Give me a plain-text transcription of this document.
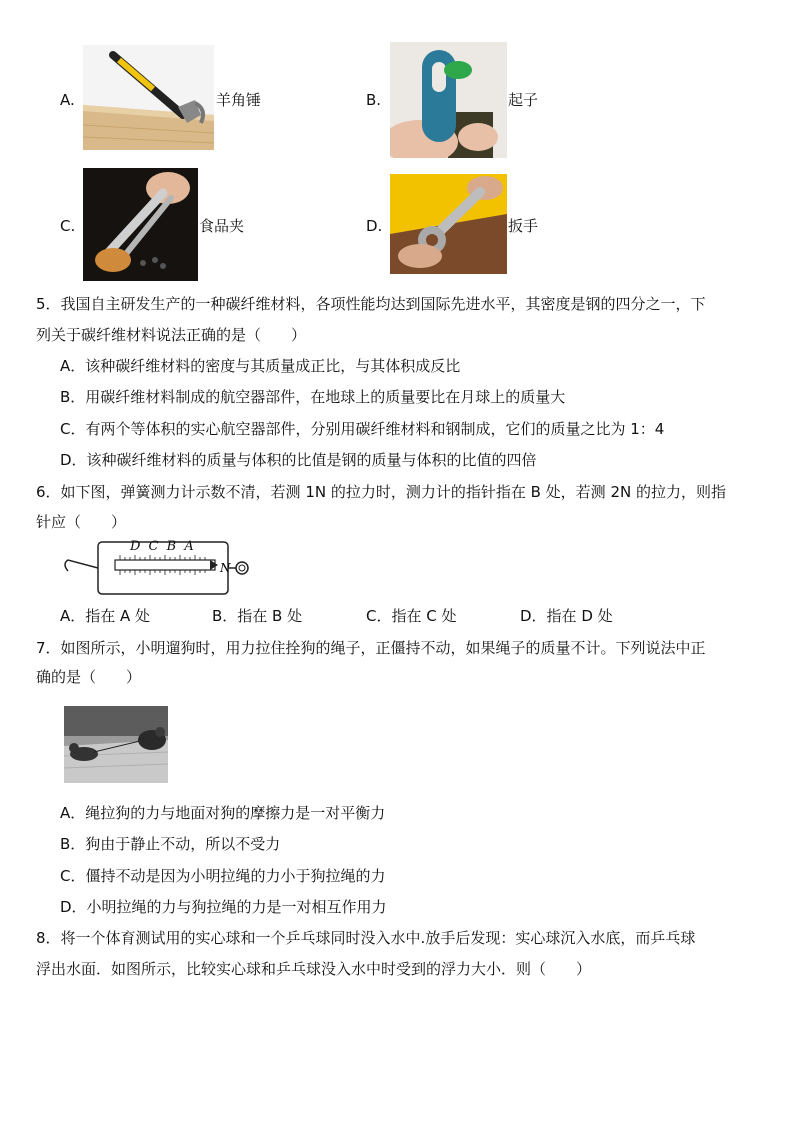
A.	羊角锤	B.	起子
C.	食品夹	D.	扳手
5．我国自主研发生产的一种碳纤维材料，各项性能均达到国际先进水平，其密度是钢的四分之一，下
列关于碳纤维材料说法正确的是（　　）
A．该种碳纤维材料的密度与其质量成正比，与其体积成反比
B．用碳纤维材料制成的航空器部件，在地球上的质量要比在月球上的质量大
C．有两个等体积的实心航空器部件，分别用碳纤维材料和钢制成，它们的质量之比为 1：4
D．该种碳纤维材料的质量与体积的比值是钢的质量与体积的比值的四倍
6．如下图，弹簧测力计示数不清，若测 1N 的拉力时，测力计的指针指在 B 处，若测 2N 的拉力，则指
针应（　　）
N
D C B A
A．指在 A 处	B．指在 B 处	C．指在 C 处	D．指在 D 处
7．如图所示，小明遛狗时，用力拉住拴狗的绳子，正僵持不动，如果绳子的质量不计。下列说法中正
确的是（　　）
A．绳拉狗的力与地面对狗的摩擦力是一对平衡力
B．狗由于静止不动，所以不受力
C．僵持不动是因为小明拉绳的力小于狗拉绳的力
D．小明拉绳的力与狗拉绳的力是一对相互作用力
8．将一个体育测试用的实心球和一个乒乓球同时没入水中.放手后发现：实心球沉入水底，而乒乓球
浮出水面．如图所示，比较实心球和乒乓球没入水中时受到的浮力大小．则（　　）
